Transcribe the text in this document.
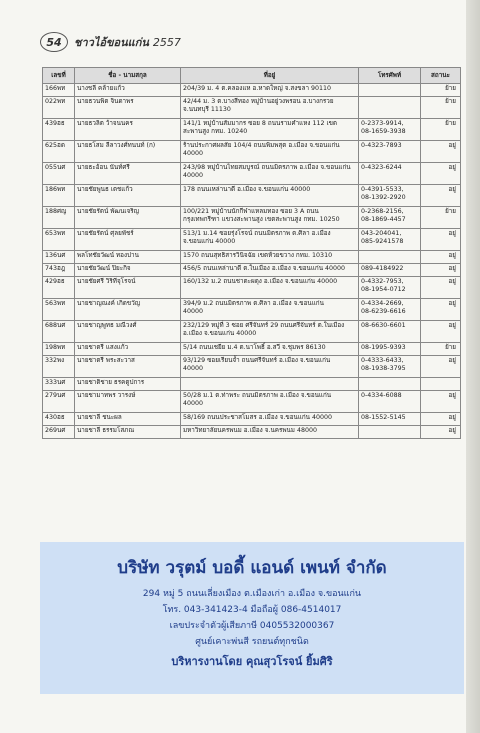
54	ชาวไอ้ขอนแก่น 2557
เลขที่	ชื่อ - นามสกุล	ที่อยู่	โทรศัพท์	สถานะ
166พท	นางชลี คล้ายแก้ว	204/39 ม. 4 ต.คลองแห อ.หาดใหญ่ จ.สงขลา 90110		ย้าย
022พท	นายธวนพิต จินดาพร	42/44 ม. 3 ต.บางสีทอง หมู่บ้านอยู่วงพรอน อ.บางกรวย
จ.นนทบุรี 11130		ย้าย
439ฮธ	นายธวลิต ว้าจนนคร	141/1 หมู่บ้านสัมมากร ซอย 8 ถนนรามคำแหง 112 เขต
สะพานสูง กทม. 10240	0-2373-9914,
08-1659-3938	ย้าย
625ฮด	นายธโสม ลีลาวงศ์ทนนท์ (ก)	ร้านประกาศผลสัย 104/4 ถนนพิมพสุต อ.เมือง จ.ขอนแก่น
40000	0-4323-7893	อยู่
055นศ	นายธะอ้อน นันท์ศรี	243/98 หมู่บ้านไทยสมบูรณ์ ถนนมิตรภาพ อ.เมือง จ.ขอนแก่น
40000	0-4323-6244	อยู่
186พท	นายชัยพูนธ เตชแก้ว	178 ถนนเหล่านาดี อ.เมือง จ.ขอนแก่น 40000	0-4391-5533,
08-1392-2920	อยู่
188ศญ	นายชัยรัตน์ พัฒนเจริญ	100/221 หมู่บ้านนักกีฬาแหลมทอง ซอย 3 A ถนน
กรุงเทพกรีฑา แขวงสะพานสูง เขตสะพานสูง กทม. 10250	0-2368-2156,
08-1869-4457	ย้าย
653พท	นายชัยรัตน์ ศุลยพัชร์	513/1 ม.14 ซอยรุ่งโรจน์ ถนนมิตรภาพ ต.ศิลา อ.เมือง
จ.ขอนแก่น 40000	043-204041,
085-9241578	อยู่
136นศ	พลโทชัยวัฒน์ ทองปาน	1570 ถนนสุทธิสารวินิจฉัย เขตห้วยขวาง กทม. 10310		อยู่
743ฮฎ	นายชัยวัฒน์ ปิยะกิจ	456/5 ถนนเหล่านาดี ต.ในเมือง อ.เมือง จ.ขอนแก่น 40000	089-4184922	อยู่
429ฮธ	นายชัยศรี วิริทีจุโรจน์	160/132 ม.2 ถนนชาตะผดุง อ.เมือง จ.ขอนแก่น 40000	0-4332-7953,
08-1954-0712	อยู่
563พท	นายชาญณงค์ เกิดขวัญ	394/9 ม.2 ถนนมิตรภาพ ต.ศิลา อ.เมือง จ.ขอนแก่น
40000	0-4334-2669,
08-6239-6616	อยู่
688นศ	นายชาญพูทธ มณีวงศ์	232/129 หมู่ที่ 3 ซอย ศรีจันทร์ 29 ถนนศรีจันทร์ ต.ในเมือง
อ.เมือง จ.ขอนแก่น 40000	08-6630-6601	อยู่
198พท	นายชาตรี แสงแก้ว	5/14 ถนนเชยีย ม.4 ต.นาโพธิ์ อ.สวี จ.ชุมพร 86130	08-1995-9393	ย้าย
332พง	นายชาตรี พระสะวาส	93/129 ซอยเรียนจ้ำ ถนนศรีจันทร์ อ.เมือง จ.ขอนแก่น
40000	0-4333-6433,
08-1938-3795	อยู่
333นศ	นายชาติชาย ธรคตูปการ			
279นศ	นายชามาทพร วารงษ์	50/28 ม.1 ต.ท่าพระ ถนนมิตรภาพ อ.เมือง จ.ขอนแก่น
40000	0-4334-6088	อยู่
430ฮธ	นายชาลี ชนะผล	58/169 ถนนประชาสโมสร อ.เมือง จ.ขอนแก่น 40000	08-1552-5145	อยู่
269นศ	นายชาลี ธรรมโสภณ	มหาวิทยาลัยนครพนม อ.เมือง จ.นครพนม 48000		อยู่
บริษัท วรุตม์ บอดี้ แอนด์ เพนท์ จำกัด
294 หมู่ 5 ถนนเลี่ยงเมือง ต.เมืองเก่า อ.เมือง จ.ขอนแก่น
โทร. 043-341423-4 มือถือผู้ 086-4514017
เลขประจำตัวผู้เสียภาษี 0405532000367
ศูนย์เคาะพ่นสี รถยนต์ทุกชนิด
บริหารงานโดย คุณสุวโรจน์ ยิ้มศิริ
